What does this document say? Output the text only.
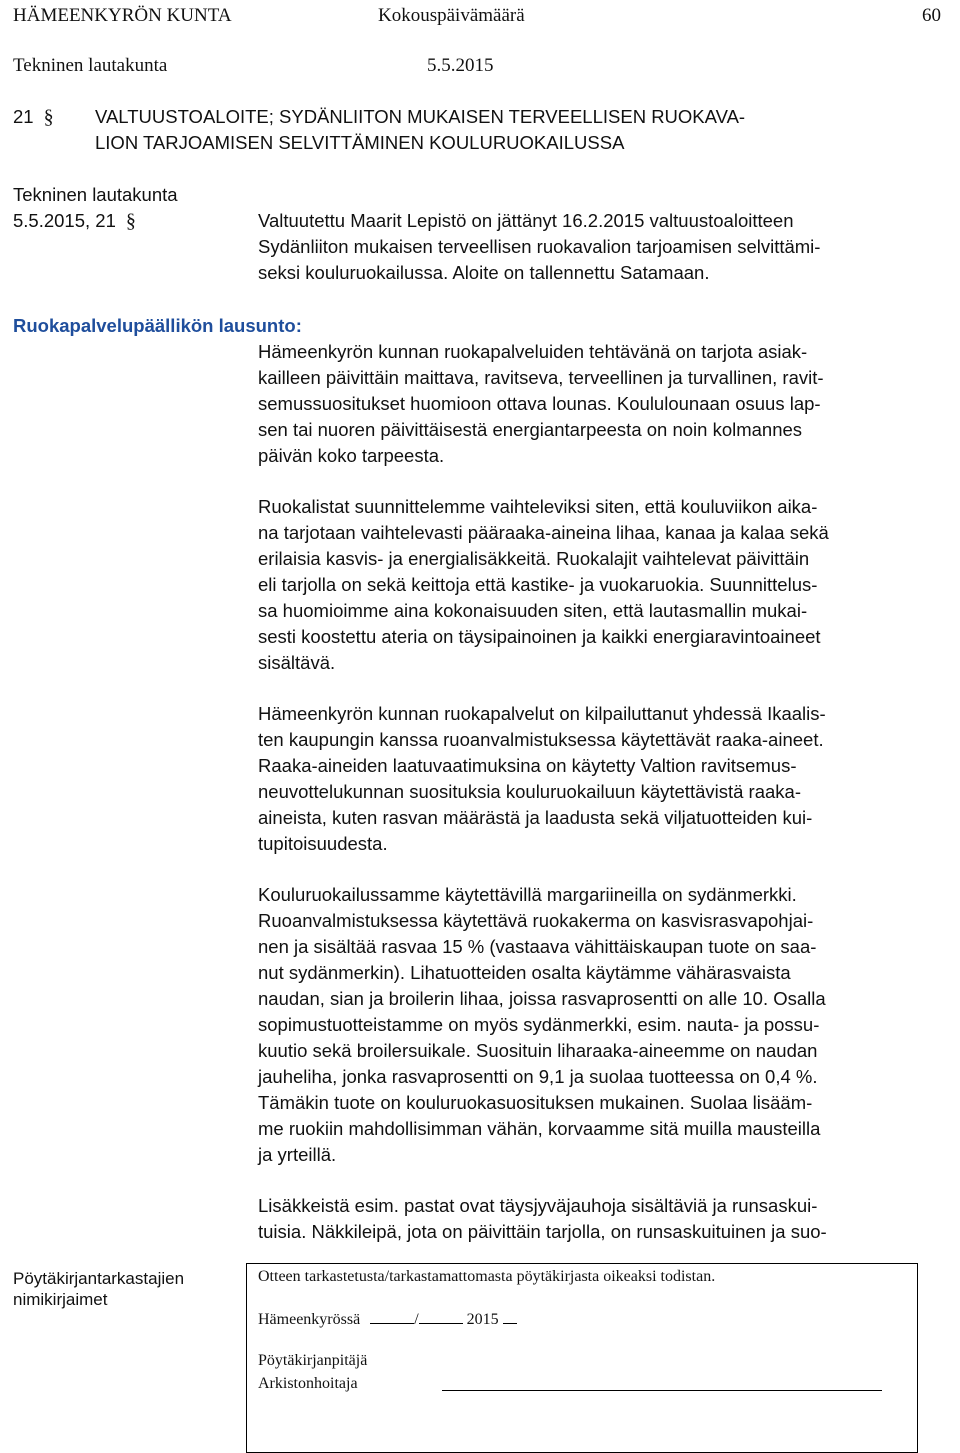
HÄMEENKYRÖN KUNTA	Kokouspäivämäärä	60
Tekninen lautakunta	5.5.2015
21 §	VALTUUSTOALOITE; SYDÄNLIITON MUKAISEN TERVEELLISEN RUOKAVA-
LION TARJOAMISEN SELVITTÄMINEN KOULURUOKAILUSSA
Tekninen lautakunta
5.5.2015, 21 §	Valtuutettu Maarit Lepistö on jättänyt 16.2.2015 valtuustoaloitteen
Sydänliiton mukaisen terveellisen ruokavalion tarjoamisen selvittämi-
seksi kouluruokailussa. Aloite on tallennettu Satamaan.
Ruokapalvelupäällikön lausunto:
Hämeenkyrön kunnan ruokapalveluiden tehtävänä on tarjota asiak-
kailleen päivittäin maittava, ravitseva, terveellinen ja turvallinen, ravit-
semussuositukset huomioon ottava lounas. Koululounaan osuus lap-
sen tai nuoren päivittäisestä energiantarpeesta on noin kolmannes
päivän koko tarpeesta.
Ruokalistat suunnittelemme vaihteleviksi siten, että kouluviikon aika-
na tarjotaan vaihtelevasti pääraaka-aineina lihaa, kanaa ja kalaa sekä
erilaisia kasvis- ja energialisäkkeitä. Ruokalajit vaihtelevat päivittäin
eli tarjolla on sekä keittoja että kastike- ja vuokaruokia. Suunnittelus-
sa huomioimme aina kokonaisuuden siten, että lautasmallin mukai-
sesti koostettu ateria on täysipainoinen ja kaikki energiaravintoaineet
sisältävä.
Hämeenkyrön kunnan ruokapalvelut on kilpailuttanut yhdessä Ikaalis-
ten kaupungin kanssa ruoanvalmistuksessa käytettävät raaka-aineet.
Raaka-aineiden laatuvaatimuksina on käytetty Valtion ravitsemus-
neuvottelukunnan suosituksia kouluruokailuun käytettävistä raaka-
aineista, kuten rasvan määrästä ja laadusta sekä viljatuotteiden kui-
tupitoisuudesta.
Kouluruokailussamme käytettävillä margariineilla on sydänmerkki.
Ruoanvalmistuksessa käytettävä ruokakerma on kasvisrasvapohjai-
nen ja sisältää rasvaa 15 % (vastaava vähittäiskaupan tuote on saa-
nut sydänmerkin). Lihatuotteiden osalta käytämme vähärasvaista
naudan, sian ja broilerin lihaa, joissa rasvaprosentti on alle 10. Osalla
sopimustuotteistamme on myös sydänmerkki, esim. nauta- ja possu-
kuutio sekä broilersuikale. Suosituin liharaaka-aineemme on naudan
jauheliha, jonka rasvaprosentti on 9,1 ja suolaa tuotteessa on 0,4 %.
Tämäkin tuote on kouluruokasuosituksen mukainen. Suolaa lisääm-
me ruokiin mahdollisimman vähän, korvaamme sitä muilla mausteilla
ja yrteillä.
Lisäkkeistä esim. pastat ovat täysjyväjauhoja sisältäviä ja runsaskui-
tuisia. Näkkileipä, jota on päivittäin tarjolla, on runsaskuituinen ja suo-
Pöytäkirjantarkastajien
nimikirjaimet
Otteen tarkastetusta/tarkastamattomasta pöytäkirjasta oikeaksi todistan.
Hämeenkyrössä	/	2015
Pöytäkirjanpitäjä
Arkistonhoitaja
